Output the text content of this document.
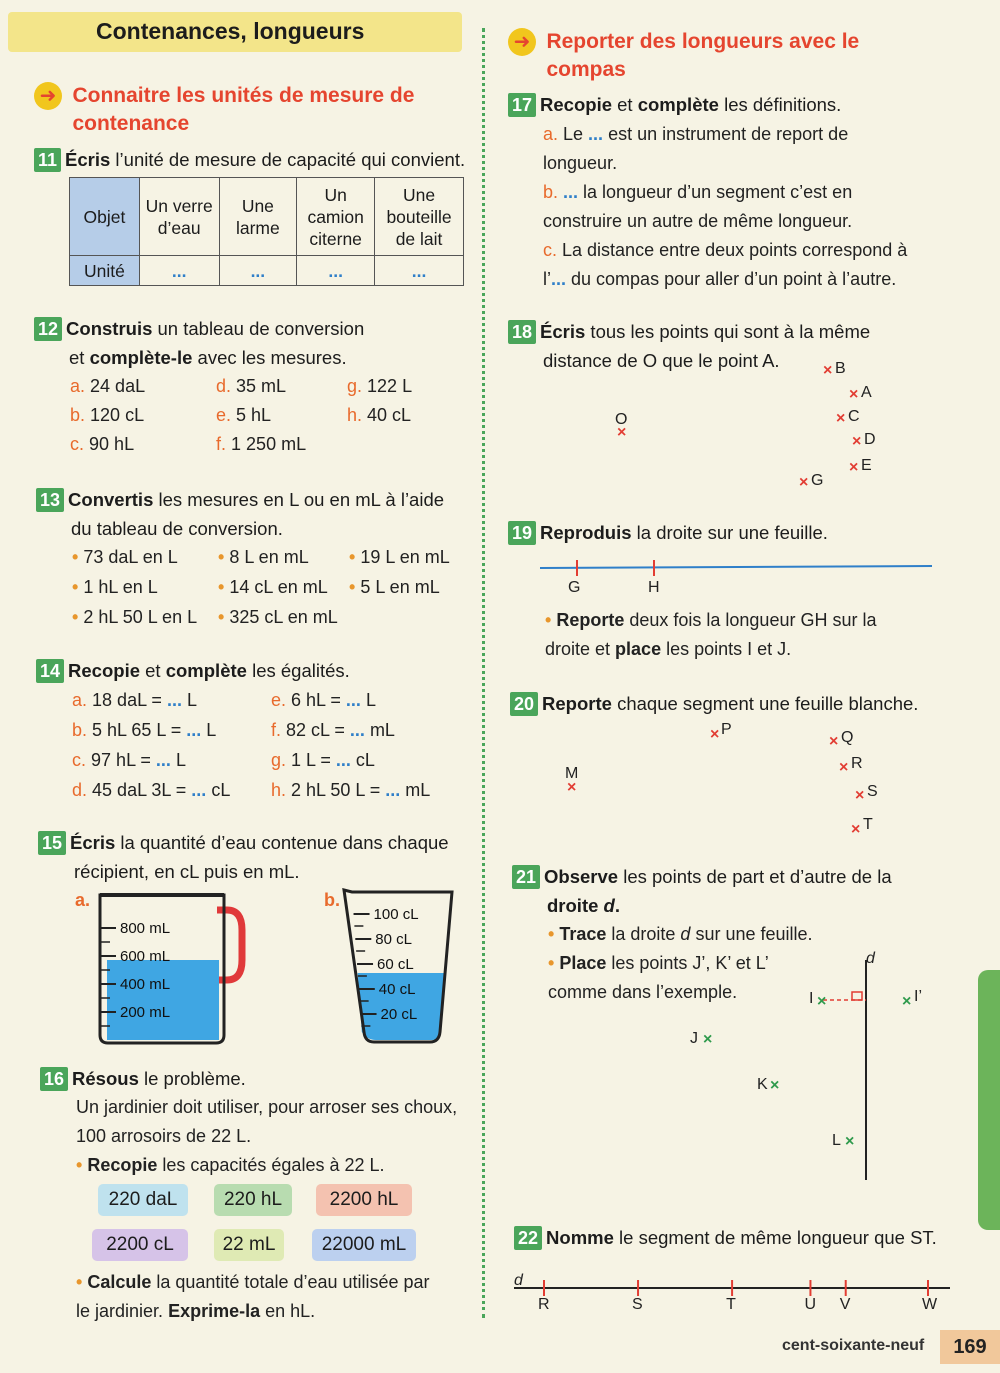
Contenances, longueurs
➜ Connaitre les unités de mesure de contenance
11 Écris l’unité de mesure de capacité qui convient.
Objet	Un verre d’eau	Une larme	Un camion citerne	Une bouteille de lait
Unité	...	...	...	...
12 Construis un tableau de conversion
et complète-le avec les mesures.
a. 24 daL
b. 120 cL
c. 90 hL
d. 35 mL
e. 5 hL
f. 1 250 mL
g. 122 L
h. 40 cL
13 Convertis les mesures en L ou en mL à l’aide
du tableau de conversion.
• 73 daL en L • 8 L en mL • 19 L en mL
• 1 hL en L	• 14 cL en mL • 5 L en mL
• 2 hL 50 L en L • 325 cL en mL
14 Recopie et complète les égalités.
a. 18 daL = ... L
b. 5 hL 65 L = ... L
c. 97 hL = ... L
d. 45 daL 3L = ... cL
e. 6 hL = ... L
f. 82 cL = ... mL
g. 1 L = ... cL
h. 2 hL 50 L = ... mL
15 Écris la quantité d’eau contenue dans chaque
récipient, en cL puis en mL.
a.	b.
800 mL
600 mL
400 mL
200 mL
100 cL
80 cL
60 cL
40 cL
20 cL
16 Résous le problème.
Un jardinier doit utiliser, pour arroser ses choux,
100 arrosoirs de 22 L.
• Recopie les capacités égales à 22 L.
220 daL	220 hL	2200 hL
2200 cL	22 mL	22000 mL
• Calcule la quantité totale d’eau utilisée par
le jardinier. Exprime-la en hL.
➜ Reporter des longueurs avec le compas
17 Recopie et complète les définitions.
a. Le ... est un instrument de report de
longueur.
b. ... la longueur d’un segment c’est en
construire un autre de même longueur.
c. La distance entre deux points correspond à
l’... du compas pour aller d’un point à l’autre.
18 Écris tous les points qui sont à la même
distance de O que le point A.
O
×
× B
× A
× C
× D
× E
× G
19 Reproduis la droite sur une feuille.
G	H
• Reporte deux fois la longueur GH sur la
droite et place les points I et J.
20 Reporte chaque segment une feuille blanche.
× P
M
×
× Q
× R
× S
× T
21 Observe les points de part et d’autre de la
droite d.
• Trace la droite d sur une feuille.
• Place les points J’, K’ et L’
comme dans l’exemple.
d
I ×	× I’
J ×
K ×
L ×
22 Nomme le segment de même longueur que ST.
d
R	S	T	U V	W
cent-soixante-neuf	169
